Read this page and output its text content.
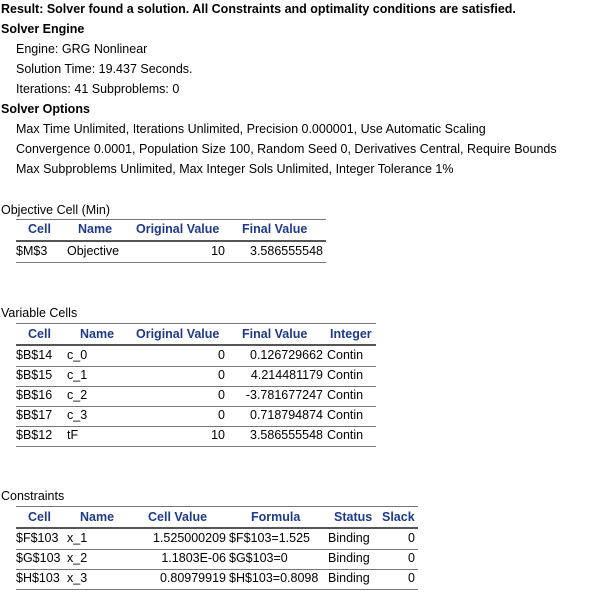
Result: Solver found a solution. All Constraints and optimality conditions are satisfied.
Solver Engine
Engine: GRG Nonlinear
Solution Time: 19.437 Seconds.
Iterations: 41 Subproblems: 0
Solver Options
Max Time Unlimited, Iterations Unlimited, Precision 0.000001, Use Automatic Scaling
Convergence 0.0001, Population Size 100, Random Seed 0, Derivatives Central, Require Bounds
Max Subproblems Unlimited, Max Integer Sols Unlimited, Integer Tolerance 1%
Objective Cell (Min)
Cell Name Original Value Final Value
$M$3 Objective	10	3.586555548
Variable Cells
Cell Name Original Value Final Value Integer
$B$14 c_0	0	0.126729662 Contin
$B$15 c_1	0	4.214481179 Contin
$B$16 c_2	0	-3.781677247 Contin
$B$17 c_3	0	0.718794874 Contin
$B$12 tF	10	3.586555548 Contin
Constraints
Cell Name	Cell Value	Formula	Status Slack
$F$103 x_1	1.525000209 $F$103=1.525 Binding	0
$G$103 x_2	1.1803E-06 $G$103=0	Binding	0
$H$103 x_3	0.80979919 $H$103=0.8098 Binding	0
